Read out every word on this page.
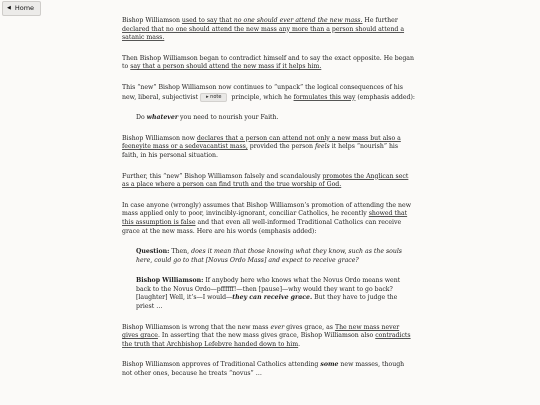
◀ Home

Bishop Williamson used to say that no one should ever attend the new mass. He further declared that no one should attend the new mass any more than a person should attend a satanic mass.

Then Bishop Williamson began to contradict himself and to say the exact opposite. He began to say that a person should attend the new mass if it helps him.

This “new” Bishop Williamson now continues to “unpack” the logical consequences of his new, liberal, subjectivist ▸ note principle, which he formulates this way (emphasis added):

Do whatever you need to nourish your Faith.

Bishop Williamson now declares that a person can attend not only a new mass but also a feeneyite mass or a sedevacantist mass, provided the person feels it helps “nourish” his faith, in his personal situation.

Further, this “new” Bishop Williamson falsely and scandalously promotes the Anglican sect as a place where a person can find truth and the true worship of God.

In case anyone (wrongly) assumes that Bishop Williamson’s promotion of attending the new mass applied only to poor, invincibly-ignorant, conciliar Catholics, he recently showed that this assumption is false and that even all well-informed Traditional Catholics can receive grace at the new mass. Here are his words (emphasis added):

Question: Then, does it mean that those knowing what they know, such as the souls here, could go to that [Novus Ordo Mass] and expect to receive grace?

Bishop Williamson: If anybody here who knows what the Novus Ordo means went back to the Novus Ordo—pffffff!—then [pause]—why would they want to go back? [laughter] Well, it’s—I would—they can receive grace. But they have to judge the priest …

Bishop Williamson is wrong that the new mass ever gives grace, as The new mass never gives grace. In asserting that the new mass gives grace, Bishop Williamson also contradicts the truth that Archbishop Lefebvre handed down to him.

Bishop Williamson approves of Traditional Catholics attending some new masses, though not other ones, because he treats “novus” …
